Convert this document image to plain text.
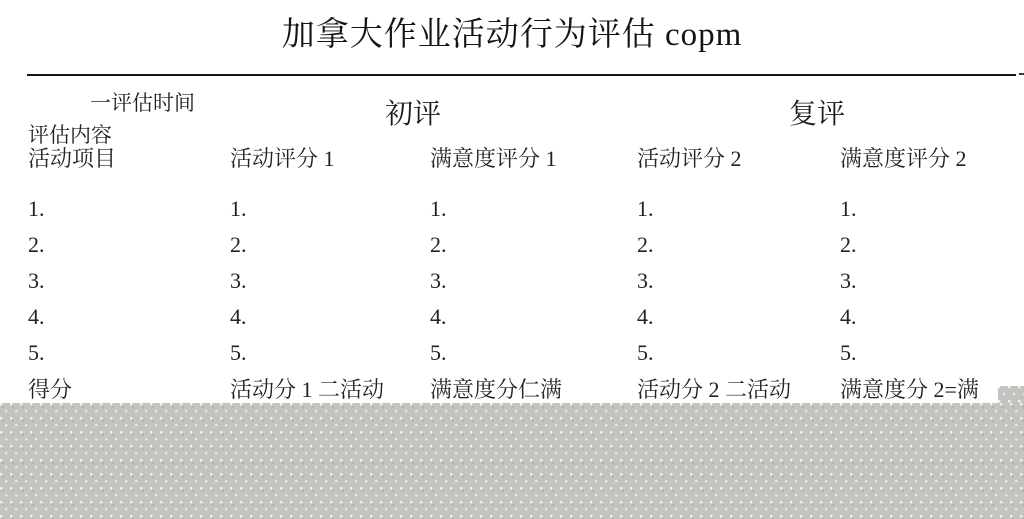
加拿大作业活动行为评估 copm
一评估时间
评估内容
初评	复评
活动项目	活动评分 1	满意度评分 1	活动评分 2	满意度评分 2
1.	1.	1.	1.	1.
2.	2.	2.	2.	2.
3.	3.	3.	3.	3.
4.	4.	4.	4.	4.
5.	5.	5.	5.	5.
得分	活动分 1 二活动	满意度分仁满	活动分 2 二活动	满意度分 2=满
